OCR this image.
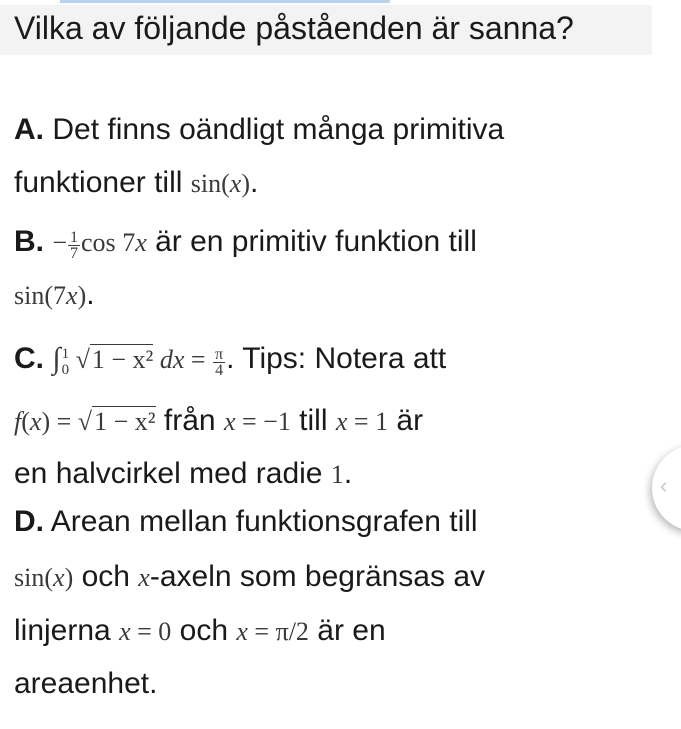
Vilka av följande påståenden är sanna?
A. Det finns oändligt många primitiva
funktioner till sin(x).
B. − $\frac{1}{7}$ cos 7x är en primitiv funktion till
sin(7x).
C. ∫ 1
0 √1 − x² dx = $\frac{\pi}{4}$ . Tips: Notera att
f(x) = √1 − x² från x = −1 till x = 1 är
en halvcirkel med radie 1.
D. Arean mellan funktionsgrafen till
sin(x) och x-axeln som begränsas av
linjerna x = 0 och x = π/2 är en
areaenhet.
‹
